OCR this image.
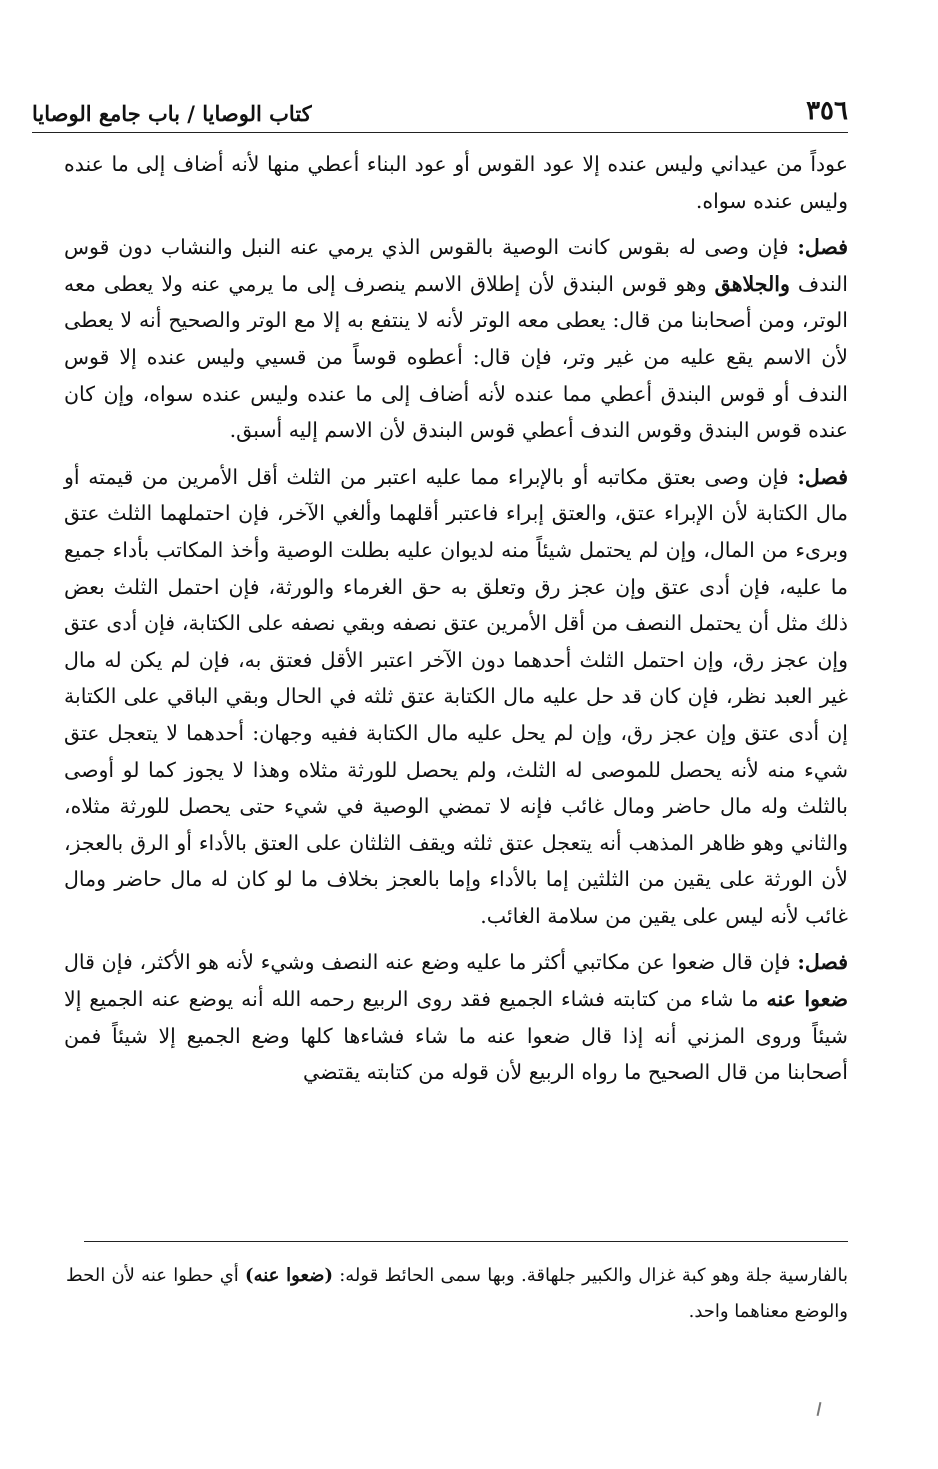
٣٥٦
كتاب الوصايا / باب جامع الوصايا

عوداً من عيداني وليس عنده إلا عود القوس أو عود البناء أعطي منها لأنه أضاف إلى ما عنده وليس عنده سواه.

فصل: فإن وصى له بقوس كانت الوصية بالقوس الذي يرمي عنه النبل والنشاب دون قوس الندف والجلاهق وهو قوس البندق لأن إطلاق الاسم ينصرف إلى ما يرمي عنه ولا يعطى معه الوتر، ومن أصحابنا من قال: يعطى معه الوتر لأنه لا ينتفع به إلا مع الوتر والصحيح أنه لا يعطى لأن الاسم يقع عليه من غير وتر، فإن قال: أعطوه قوساً من قسيي وليس عنده إلا قوس الندف أو قوس البندق أعطي مما عنده لأنه أضاف إلى ما عنده وليس عنده سواه، وإن كان عنده قوس البندق وقوس الندف أعطي قوس البندق لأن الاسم إليه أسبق.

فصل: فإن وصى بعتق مكاتبه أو بالإبراء مما عليه اعتبر من الثلث أقل الأمرين من قيمته أو مال الكتابة لأن الإبراء عتق، والعتق إبراء فاعتبر أقلهما وألغي الآخر، فإن احتملهما الثلث عتق وبرىء من المال، وإن لم يحتمل شيئاً منه لديوان عليه بطلت الوصية وأخذ المكاتب بأداء جميع ما عليه، فإن أدى عتق وإن عجز رق وتعلق به حق الغرماء والورثة، فإن احتمل الثلث بعض ذلك مثل أن يحتمل النصف من أقل الأمرين عتق نصفه وبقي نصفه على الكتابة، فإن أدى عتق وإن عجز رق، وإن احتمل الثلث أحدهما دون الآخر اعتبر الأقل فعتق به، فإن لم يكن له مال غير العبد نظر، فإن كان قد حل عليه مال الكتابة عتق ثلثه في الحال وبقي الباقي على الكتابة إن أدى عتق وإن عجز رق، وإن لم يحل عليه مال الكتابة ففيه وجهان: أحدهما لا يتعجل عتق شيء منه لأنه يحصل للموصى له الثلث، ولم يحصل للورثة مثلاه وهذا لا يجوز كما لو أوصى بالثلث وله مال حاضر ومال غائب فإنه لا تمضي الوصية في شيء حتى يحصل للورثة مثلاه، والثاني وهو ظاهر المذهب أنه يتعجل عتق ثلثه ويقف الثلثان على العتق بالأداء أو الرق بالعجز، لأن الورثة على يقين من الثلثين إما بالأداء وإما بالعجز بخلاف ما لو كان له مال حاضر ومال غائب لأنه ليس على يقين من سلامة الغائب.

فصل: فإن قال ضعوا عن مكاتبي أكثر ما عليه وضع عنه النصف وشيء لأنه هو الأكثر، فإن قال ضعوا عنه ما شاء من كتابته فشاء الجميع فقد روى الربيع رحمه الله أنه يوضع عنه الجميع إلا شيئاً وروى المزني أنه إذا قال ضعوا عنه ما شاء فشاءها كلها وضع الجميع إلا شيئاً فمن أصحابنا من قال الصحيح ما رواه الربيع لأن قوله من كتابته يقتضي

بالفارسية جلة وهو كبة غزال والكبير جلهاقة. وبها سمى الحائط قوله: (ضعوا عنه) أي حطوا عنه لأن الحط والوضع معناهما واحد.
